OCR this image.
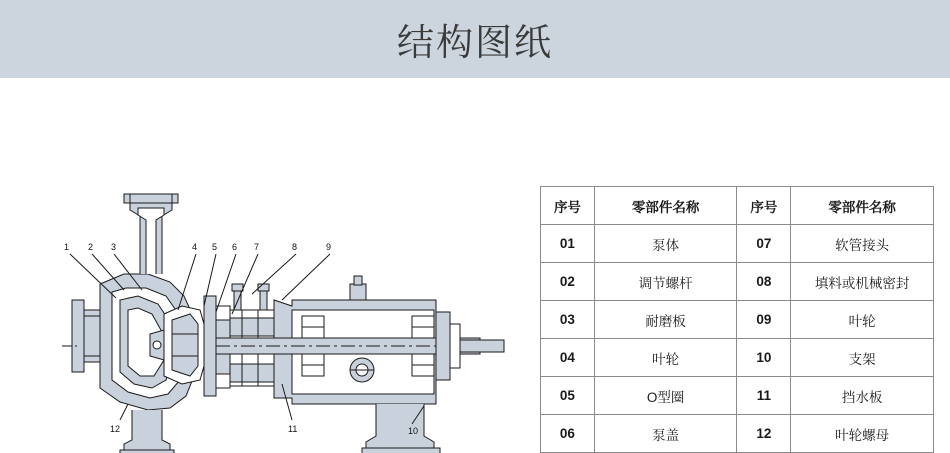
结构图纸
1 2 3	4 5 6 7	8	9
10
11
12
序号	零部件名称	序号	零部件名称
01	泵体	07	软管接头
02	调节螺杆	08	填料或机械密封
03	耐磨板	09	叶轮
04	叶轮	10	支架
05	O型圈	11	挡水板
06	泵盖	12	叶轮螺母
